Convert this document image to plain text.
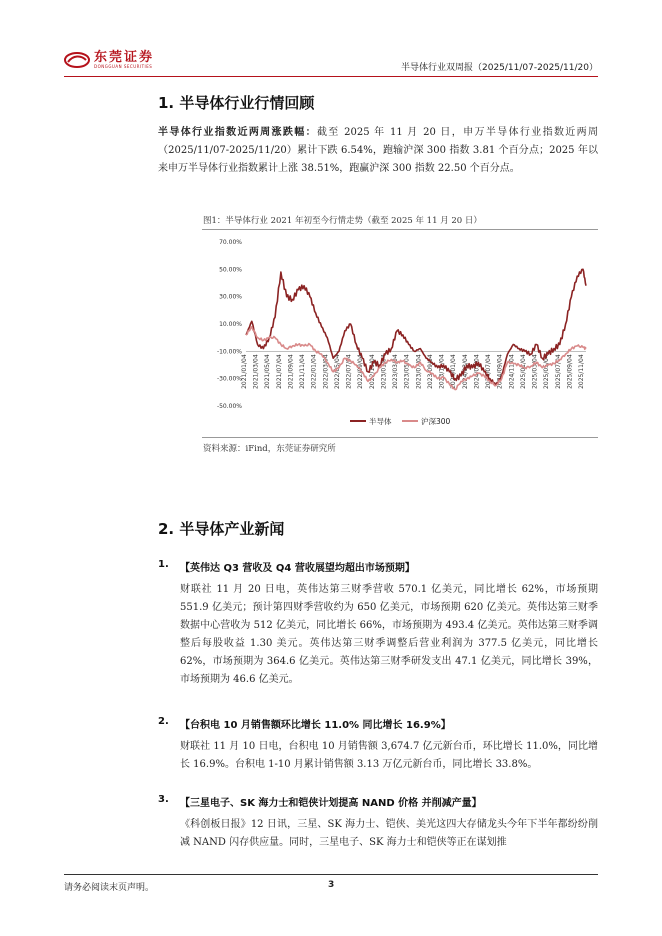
东莞证券
DONGGUAN SECURITIES	半导体行业双周报（2025/11/07-2025/11/20）
1. 半导体行业行情回顾
半导体行业指数近两周涨跌幅：截至 2025 年 11 月 20 日，申万半导体行业指数近两周（2025/11/07-2025/11/20）累计下跌 6.54%，跑输沪深 300 指数 3.81 个百分点；2025 年以来申万半导体行业指数累计上涨 38.51%，跑赢沪深 300 指数 22.50 个百分点。
图1：半导体行业 2021 年初至今行情走势（截至 2025 年 11 月 20 日）
70.00%
50.00%
30.00%
10.00%
-10.00%
-30.00%
-50.00%
2021/01/04 2021/03/04 2021/05/04 2021/07/04 2021/09/04 2021/11/04 2022/01/04 2022/03/04 2022/05/04 2022/07/04 2022/09/04 2022/11/04 2023/01/04 2023/03/04 2023/05/04 2023/07/04 2023/09/04 2023/11/04 2024/01/04 2024/03/04 2024/05/04 2024/07/04 2024/09/04 2024/11/04 2025/01/04 2025/03/04 2025/05/04 2025/07/04 2025/09/04 2025/11/04
半导体	沪深300
资料来源：iFind，东莞证券研究所
2. 半导体产业新闻
1. 【英伟达 Q3 营收及 Q4 营收展望均超出市场预期】
财联社 11 月 20 日电，英伟达第三财季营收 570.1 亿美元，同比增长 62%，市场预期 551.9 亿美元；预计第四财季营收约为 650 亿美元，市场预期 620 亿美元。英伟达第三财季数据中心营收为 512 亿美元，同比增长 66%，市场预期为 493.4 亿美元。英伟达第三财季调整后每股收益 1.30 美元。英伟达第三财季调整后营业利润为 377.5 亿美元，同比增长 62%，市场预期为 364.6 亿美元。英伟达第三财季研发支出 47.1 亿美元，同比增长 39%，市场预期为 46.6 亿美元。
2. 【台积电 10 月销售额环比增长 11.0% 同比增长 16.9%】
财联社 11 月 10 日电，台积电 10 月销售额 3,674.7 亿元新台币，环比增长 11.0%，同比增长 16.9%。台积电 1-10 月累计销售额 3.13 万亿元新台币，同比增长 33.8%。
3. 【三星电子、SK 海力士和铠侠计划提高 NAND 价格 并削减产量】
《科创板日报》12 日讯，三星、SK 海力士、铠侠、美光这四大存储龙头今年下半年都纷纷削减 NAND 闪存供应量。同时，三星电子、SK 海力士和铠侠等正在谋划推
请务必阅读末页声明。	3
